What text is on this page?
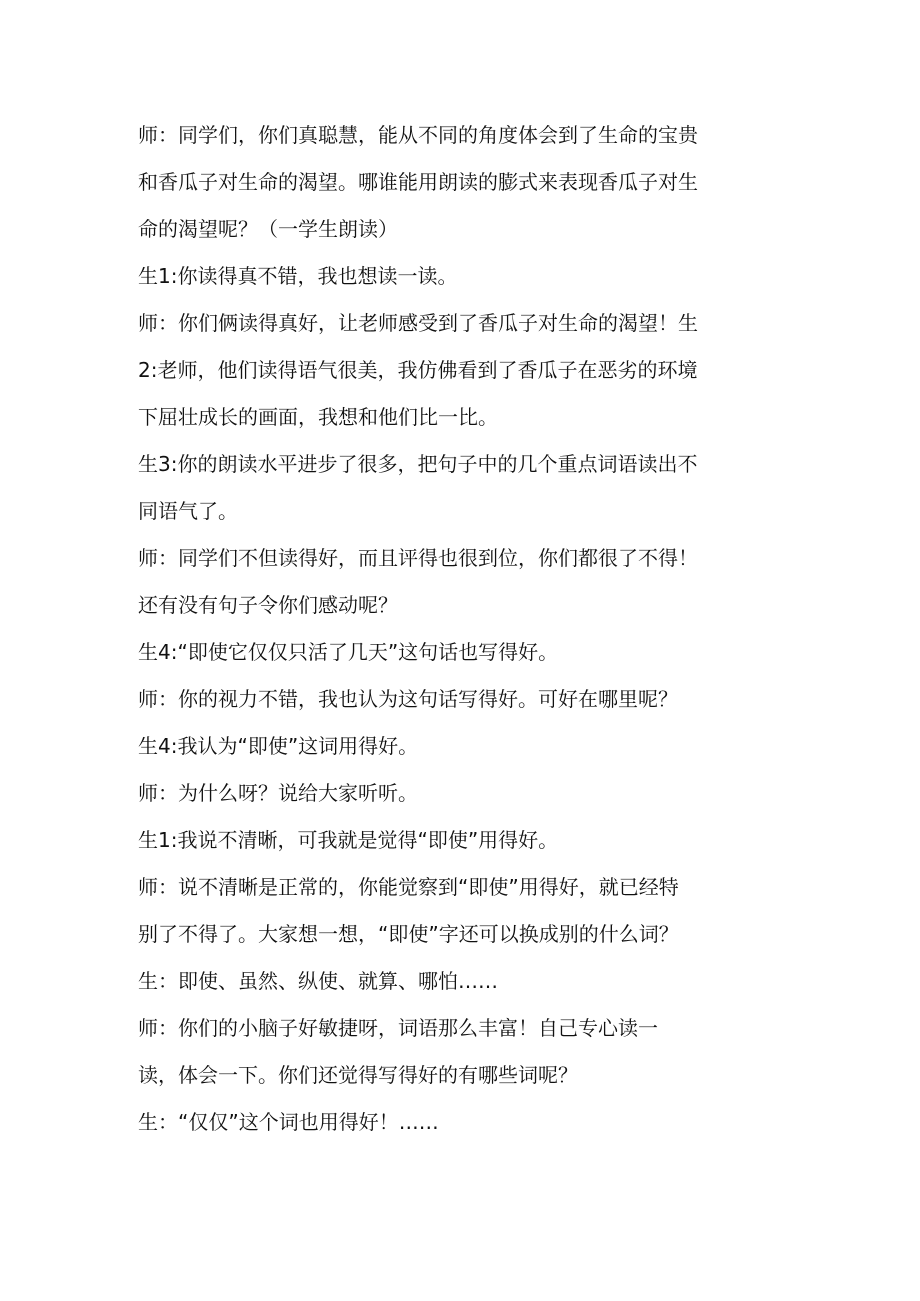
师：同学们，你们真聪慧，能从不同的角度体会到了生命的宝贵
和香瓜子对生命的渴望。哪谁能用朗读的膨式来表现香瓜子对生
命的渴望呢？（一学生朗读）
生1:你读得真不错，我也想读一读。
师：你们俩读得真好，让老师感受到了香瓜子对生命的渴望！生
2:老师，他们读得语气很美，我仿佛看到了香瓜子在恶劣的环境
下屈壮成长的画面，我想和他们比一比。
生3:你的朗读水平进步了很多，把句子中的几个重点词语读出不
同语气了。
师：同学们不但读得好，而且评得也很到位，你们都很了不得！
还有没有句子令你们感动呢？
生4:“即使它仅仅只活了几天”这句话也写得好。
师：你的视力不错，我也认为这句话写得好。可好在哪里呢？
生4:我认为“即使”这词用得好。
师：为什么呀？说给大家听听。
生1:我说不清晰，可我就是觉得“即使”用得好。
师：说不清晰是正常的，你能觉察到“即使”用得好，就已经特
别了不得了。大家想一想，“即使”字还可以换成别的什么词？
生：即使、虽然、纵使、就算、哪怕……
师：你们的小脑子好敏捷呀，词语那么丰富！自己专心读一
读，体会一下。你们还觉得写得好的有哪些词呢？
生：“仅仅”这个词也用得好！……
